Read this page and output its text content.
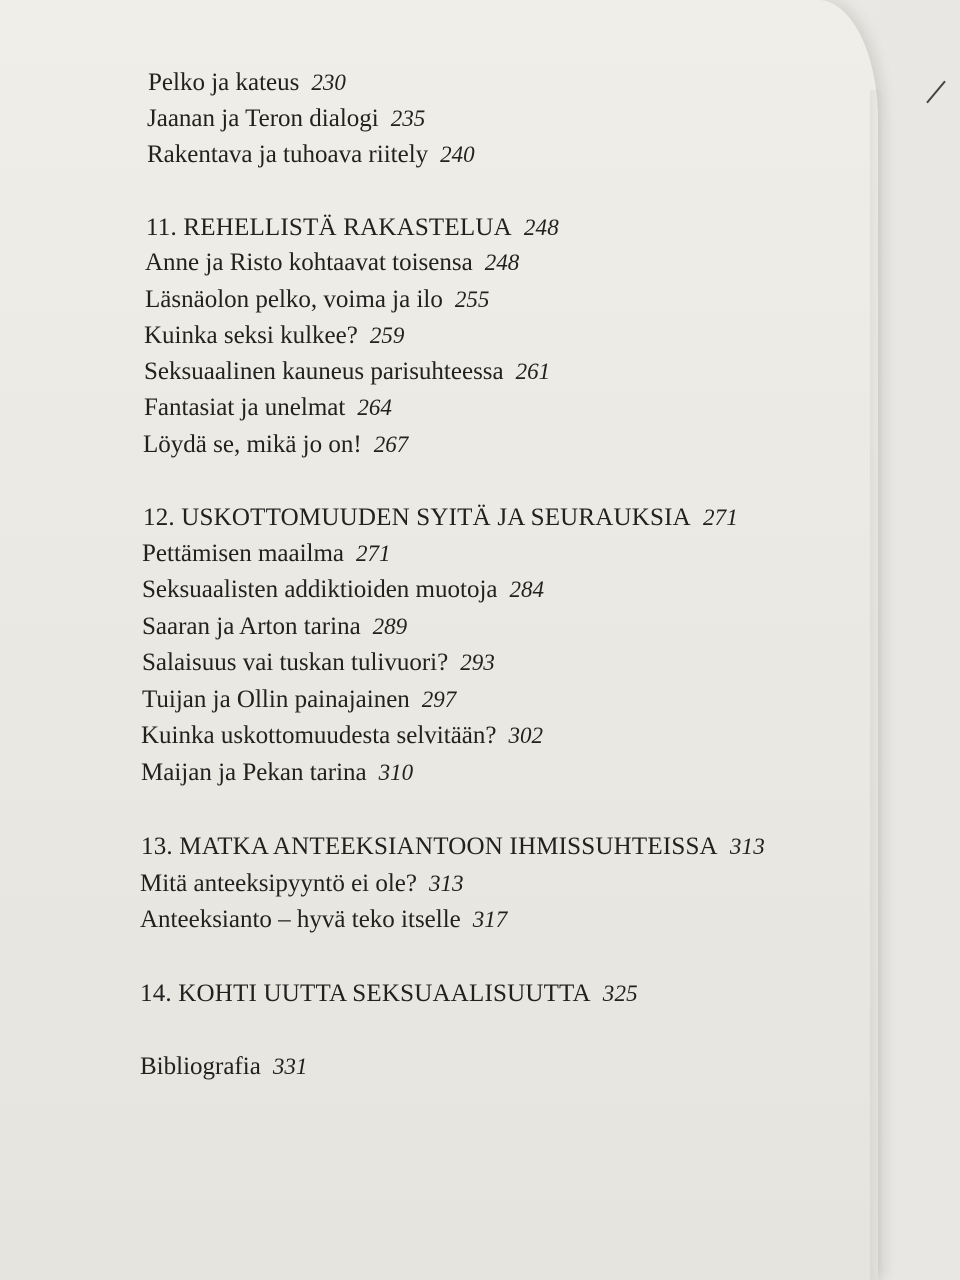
Pelko ja kateus 230
Jaanan ja Teron dialogi 235
Rakentava ja tuhoava riitely 240
11. REHELLISTÄ RAKASTELUA 248
Anne ja Risto kohtaavat toisensa 248
Läsnäolon pelko, voima ja ilo 255
Kuinka seksi kulkee? 259
Seksuaalinen kauneus parisuhteessa 261
Fantasiat ja unelmat 264
Löydä se, mikä jo on! 267
12. USKOTTOMUUDEN SYITÄ JA SEURAUKSIA 271
Pettämisen maailma 271
Seksuaalisten addiktioiden muotoja 284
Saaran ja Arton tarina 289
Salaisuus vai tuskan tulivuori? 293
Tuijan ja Ollin painajainen 297
Kuinka uskottomuudesta selvitään? 302
Maijan ja Pekan tarina 310
13. MATKA ANTEEKSIANTOON IHMISSUHTEISSA 313
Mitä anteeksipyyntö ei ole? 313
Anteeksianto – hyvä teko itselle 317
14. KOHTI UUTTA SEKSUAALISUUTTA 325
Bibliografia 331
